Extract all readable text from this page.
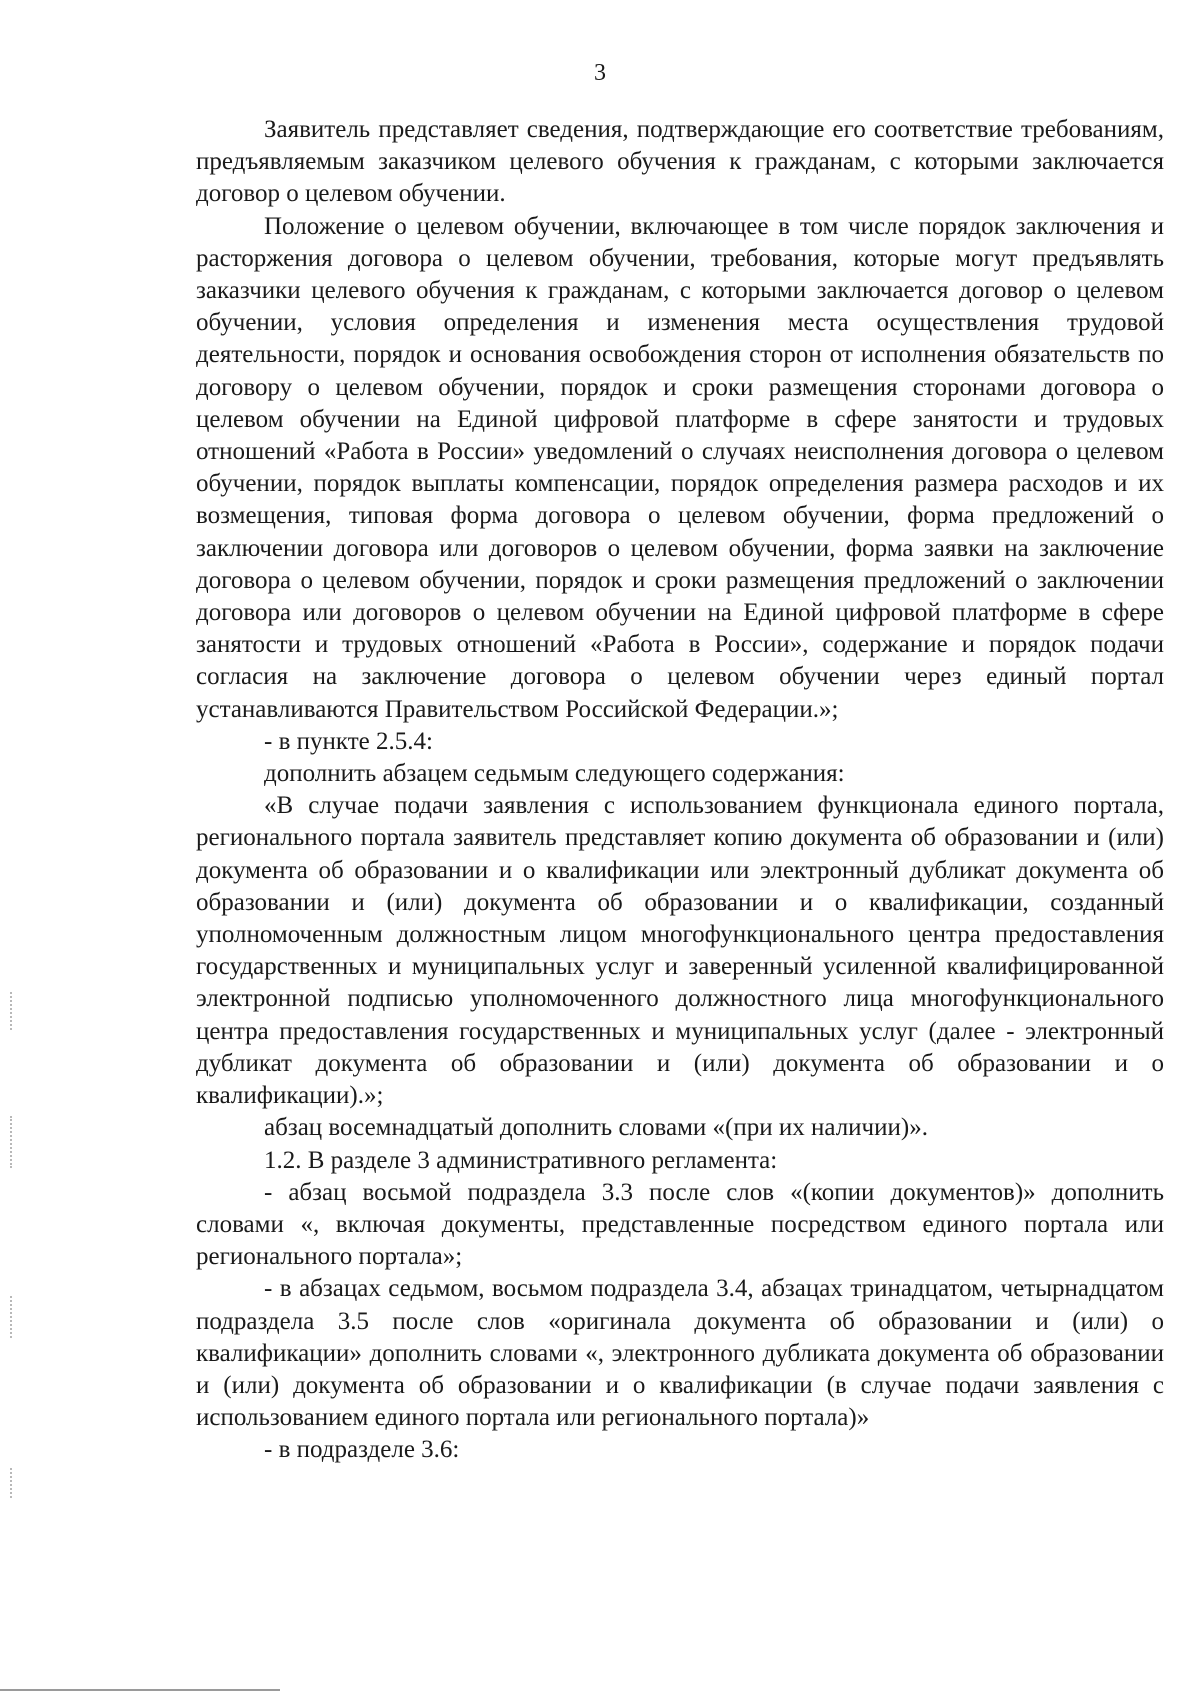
3

Заявитель представляет сведения, подтверждающие его соответствие требованиям, предъявляемым заказчиком целевого обучения к гражданам, с которыми заключается договор о целевом обучении.

Положение о целевом обучении, включающее в том числе порядок заключения и расторжения договора о целевом обучении, требования, которые могут предъявлять заказчики целевого обучения к гражданам, с которыми заключается договор о целевом обучении, условия определения и изменения места осуществления трудовой деятельности, порядок и основания освобождения сторон от исполнения обязательств по договору о целевом обучении, порядок и сроки размещения сторонами договора о целевом обучении на Единой цифровой платформе в сфере занятости и трудовых отношений «Работа в России» уведомлений о случаях неисполнения договора о целевом обучении, порядок выплаты компенсации, порядок определения размера расходов и их возмещения, типовая форма договора о целевом обучении, форма предложений о заключении договора или договоров о целевом обучении, форма заявки на заключение договора о целевом обучении, порядок и сроки размещения предложений о заключении договора или договоров о целевом обучении на Единой цифровой платформе в сфере занятости и трудовых отношений «Работа в России», содержание и порядок подачи согласия на заключение договора о целевом обучении через единый портал устанавливаются Правительством Российской Федерации.»;

- в пункте 2.5.4:

дополнить абзацем седьмым следующего содержания:

«В случае подачи заявления с использованием функционала единого портала, регионального портала заявитель представляет копию документа об образовании и (или) документа об образовании и о квалификации или электронный дубликат документа об образовании и (или) документа об образовании и о квалификации, созданный уполномоченным должностным лицом многофункционального центра предоставления государственных и муниципальных услуг и заверенный усиленной квалифицированной электронной подписью уполномоченного должностного лица многофункционального центра предоставления государственных и муниципальных услуг (далее - электронный дубликат документа об образовании и (или) документа об образовании и о квалификации).»;

абзац восемнадцатый дополнить словами «(при их наличии)».

1.2. В разделе 3 административного регламента:

- абзац восьмой подраздела 3.3 после слов «(копии документов)» дополнить словами «, включая документы, представленные посредством единого портала или регионального портала»;

- в абзацах седьмом, восьмом подраздела 3.4, абзацах тринадцатом, четырнадцатом подраздела 3.5 после слов «оригинала документа об образовании и (или) о квалификации» дополнить словами «, электронного дубликата документа об образовании и (или) документа об образовании и о квалификации (в случае подачи заявления с использованием единого портала или регионального портала)»

- в подразделе 3.6:
